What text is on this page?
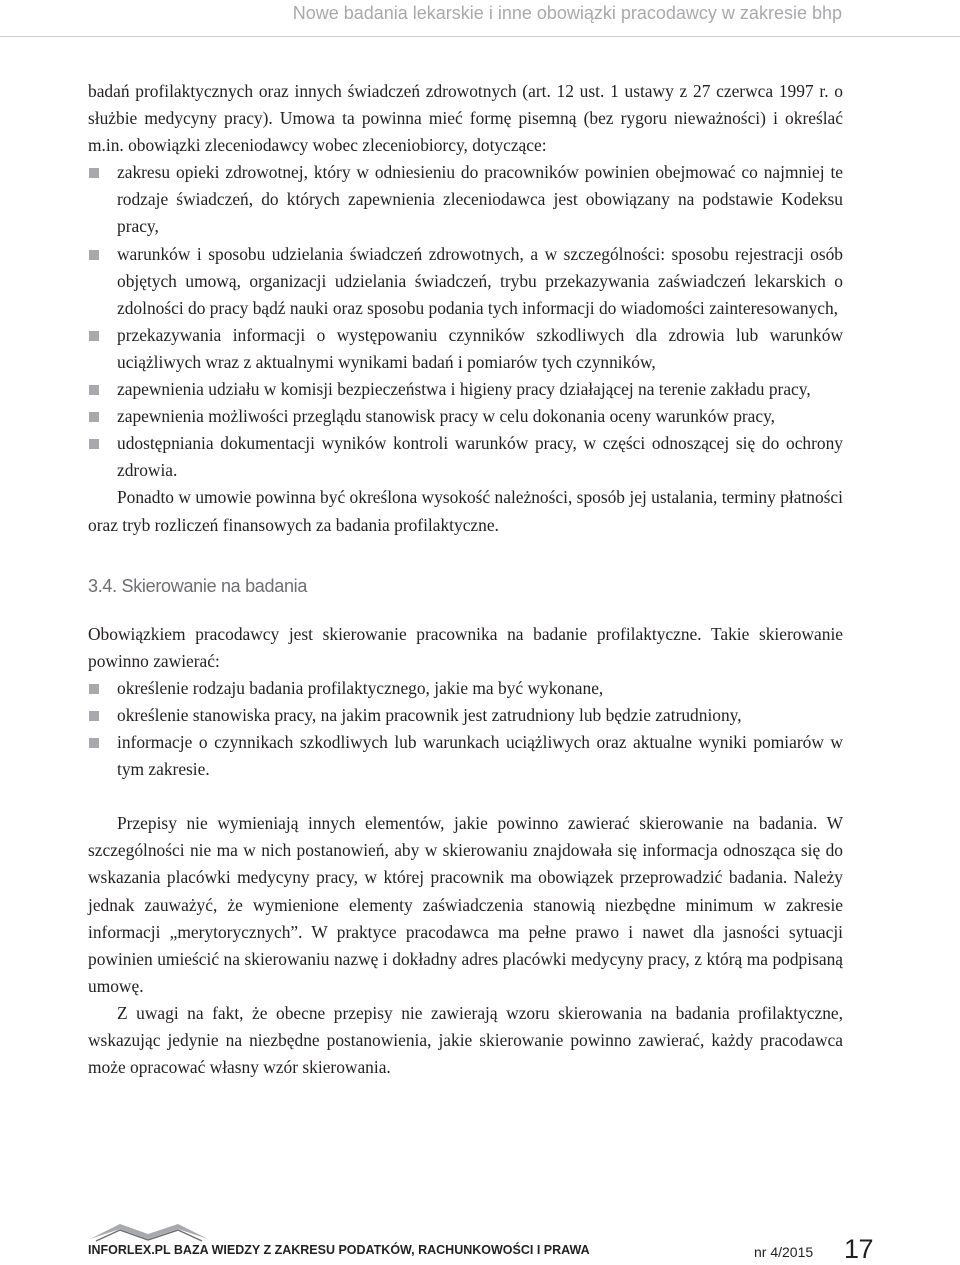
Nowe badania lekarskie i inne obowiązki pracodawcy w zakresie bhp

badań profilaktycznych oraz innych świadczeń zdrowotnych (art. 12 ust. 1 ustawy z 27 czerwca 1997 r. o służbie medycyny pracy). Umowa ta powinna mieć formę pisemną (bez rygoru nieważności) i określać m.in. obowiązki zleceniodawcy wobec zleceniobiorcy, dotyczące:

zakresu opieki zdrowotnej, który w odniesieniu do pracowników powinien obejmować co najmniej te rodzaje świadczeń, do których zapewnienia zleceniodawca jest obowiązany na podstawie Kodeksu pracy,
warunków i sposobu udzielania świadczeń zdrowotnych, a w szczególności: sposobu rejestracji osób objętych umową, organizacji udzielania świadczeń, trybu przekazywania zaświadczeń lekarskich o zdolności do pracy bądź nauki oraz sposobu podania tych informacji do wiadomości zainteresowanych,
przekazywania informacji o występowaniu czynników szkodliwych dla zdrowia lub warunków uciążliwych wraz z aktualnymi wynikami badań i pomiarów tych czynników,
zapewnienia udziału w komisji bezpieczeństwa i higieny pracy działającej na terenie zakładu pracy,
zapewnienia możliwości przeglądu stanowisk pracy w celu dokonania oceny warunków pracy,
udostępniania dokumentacji wyników kontroli warunków pracy, w części odnoszącej się do ochrony zdrowia.

Ponadto w umowie powinna być określona wysokość należności, sposób jej ustalania, terminy płatności oraz tryb rozliczeń finansowych za badania profilaktyczne.

3.4. Skierowanie na badania

Obowiązkiem pracodawcy jest skierowanie pracownika na badanie profilaktyczne. Takie skierowanie powinno zawierać:

określenie rodzaju badania profilaktycznego, jakie ma być wykonane,
określenie stanowiska pracy, na jakim pracownik jest zatrudniony lub będzie zatrudniony,
informacje o czynnikach szkodliwych lub warunkach uciążliwych oraz aktualne wyniki pomiarów w tym zakresie.

Przepisy nie wymieniają innych elementów, jakie powinno zawierać skierowanie na badania. W szczególności nie ma w nich postanowień, aby w skierowaniu znajdowała się informacja odnosząca się do wskazania placówki medycyny pracy, w której pracownik ma obowiązek przeprowadzić badania. Należy jednak zauważyć, że wymienione elementy zaświadczenia stanowią niezbędne minimum w zakresie informacji „merytorycznych”. W praktyce pracodawca ma pełne prawo i nawet dla jasności sytuacji powinien umieścić na skierowaniu nazwę i dokładny adres placówki medycyny pracy, z którą ma podpisaną umowę.

Z uwagi na fakt, że obecne przepisy nie zawierają wzoru skierowania na badania profilaktyczne, wskazując jedynie na niezbędne postanowienia, jakie skierowanie powinno zawierać, każdy pracodawca może opracować własny wzór skierowania.

INFORLEX.PL BAZA WIEDZY Z ZAKRESU PODATKÓW, RACHUNKOWOŚCI I PRAWA	nr 4/2015 17
